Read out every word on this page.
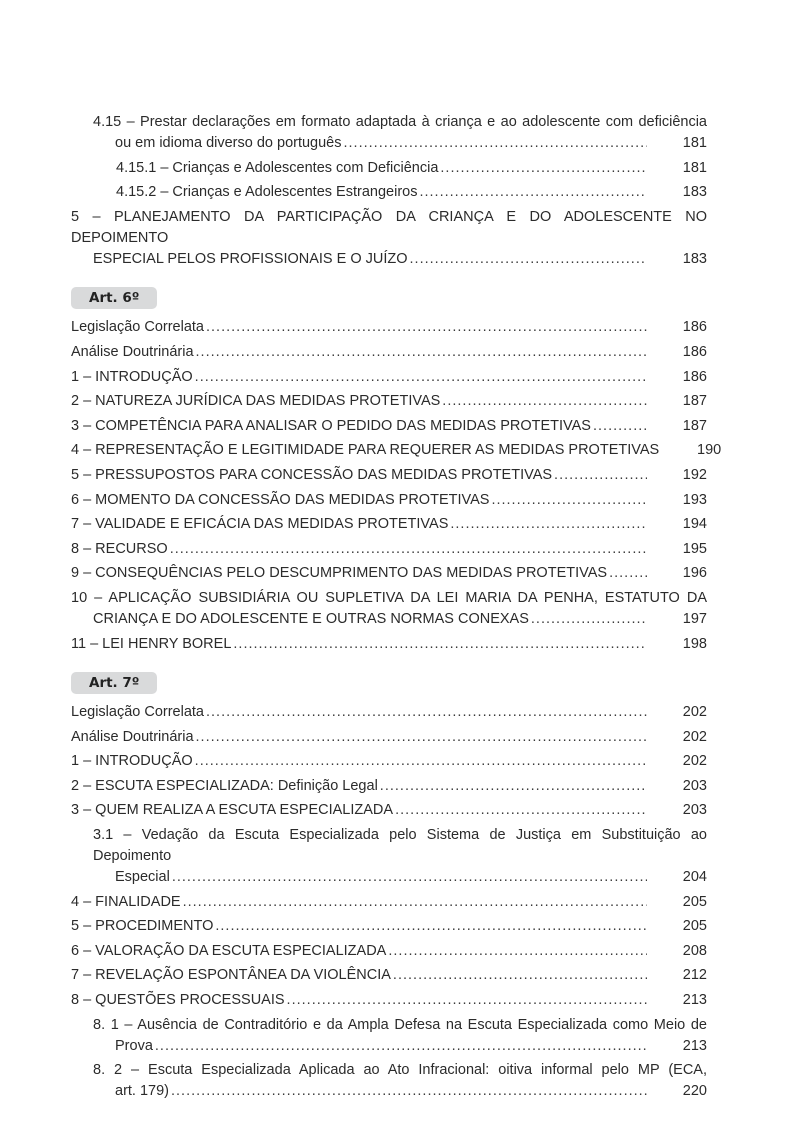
4.15 – Prestar declarações em formato adaptada à criança e ao adolescente com deficiência
ou em idioma diverso do português .....	181
4.15.1 – Crianças e Adolescentes com Deficiência .....	181
4.15.2 – Crianças e Adolescentes Estrangeiros .....	183
5 – PLANEJAMENTO DA PARTICIPAÇÃO DA CRIANÇA E DO ADOLESCENTE NO DEPOIMENTO
ESPECIAL PELOS PROFISSIONAIS E O JUÍZO .....	183
Art. 6º
Legislação Correlata .....	186
Análise Doutrinária .....	186
1 – INTRODUÇÃO .....	186
2 – NATUREZA JURÍDICA DAS MEDIDAS PROTETIVAS .....	187
3 – COMPETÊNCIA PARA ANALISAR O PEDIDO DAS MEDIDAS PROTETIVAS .....	187
4 – REPRESENTAÇÃO E LEGITIMIDADE PARA REQUERER AS MEDIDAS PROTETIVAS	190
5 – PRESSUPOSTOS PARA CONCESSÃO DAS MEDIDAS PROTETIVAS .....	192
6 – MOMENTO DA CONCESSÃO DAS MEDIDAS PROTETIVAS .....	193
7 – VALIDADE E EFICÁCIA DAS MEDIDAS PROTETIVAS .....	194
8 – RECURSO .....	195
9 – CONSEQUÊNCIAS PELO DESCUMPRIMENTO DAS MEDIDAS PROTETIVAS .....	196
10 – APLICAÇÃO SUBSIDIÁRIA OU SUPLETIVA DA LEI MARIA DA PENHA, ESTATUTO DA
CRIANÇA E DO ADOLESCENTE E OUTRAS NORMAS CONEXAS .....	197
11 – LEI HENRY BOREL .....	198
Art. 7º
Legislação Correlata .....	202
Análise Doutrinária .....	202
1 – INTRODUÇÃO .....	202
2 – ESCUTA ESPECIALIZADA: Definição Legal .....	203
3 – QUEM REALIZA A ESCUTA ESPECIALIZADA .....	203
3.1 – Vedação da Escuta Especializada pelo Sistema de Justiça em Substituição ao Depoimento
Especial .....	204
4 – FINALIDADE .....	205
5 – PROCEDIMENTO .....	205
6 – VALORAÇÃO DA ESCUTA ESPECIALIZADA .....	208
7 – REVELAÇÃO ESPONTÂNEA DA VIOLÊNCIA .....	212
8 – QUESTÕES PROCESSUAIS .....	213
8. 1 – Ausência de Contraditório e da Ampla Defesa na Escuta Especializada como Meio de
Prova .....	213
8. 2 – Escuta Especializada Aplicada ao Ato Infracional: oitiva informal pelo MP (ECA,
art. 179) .....	220
